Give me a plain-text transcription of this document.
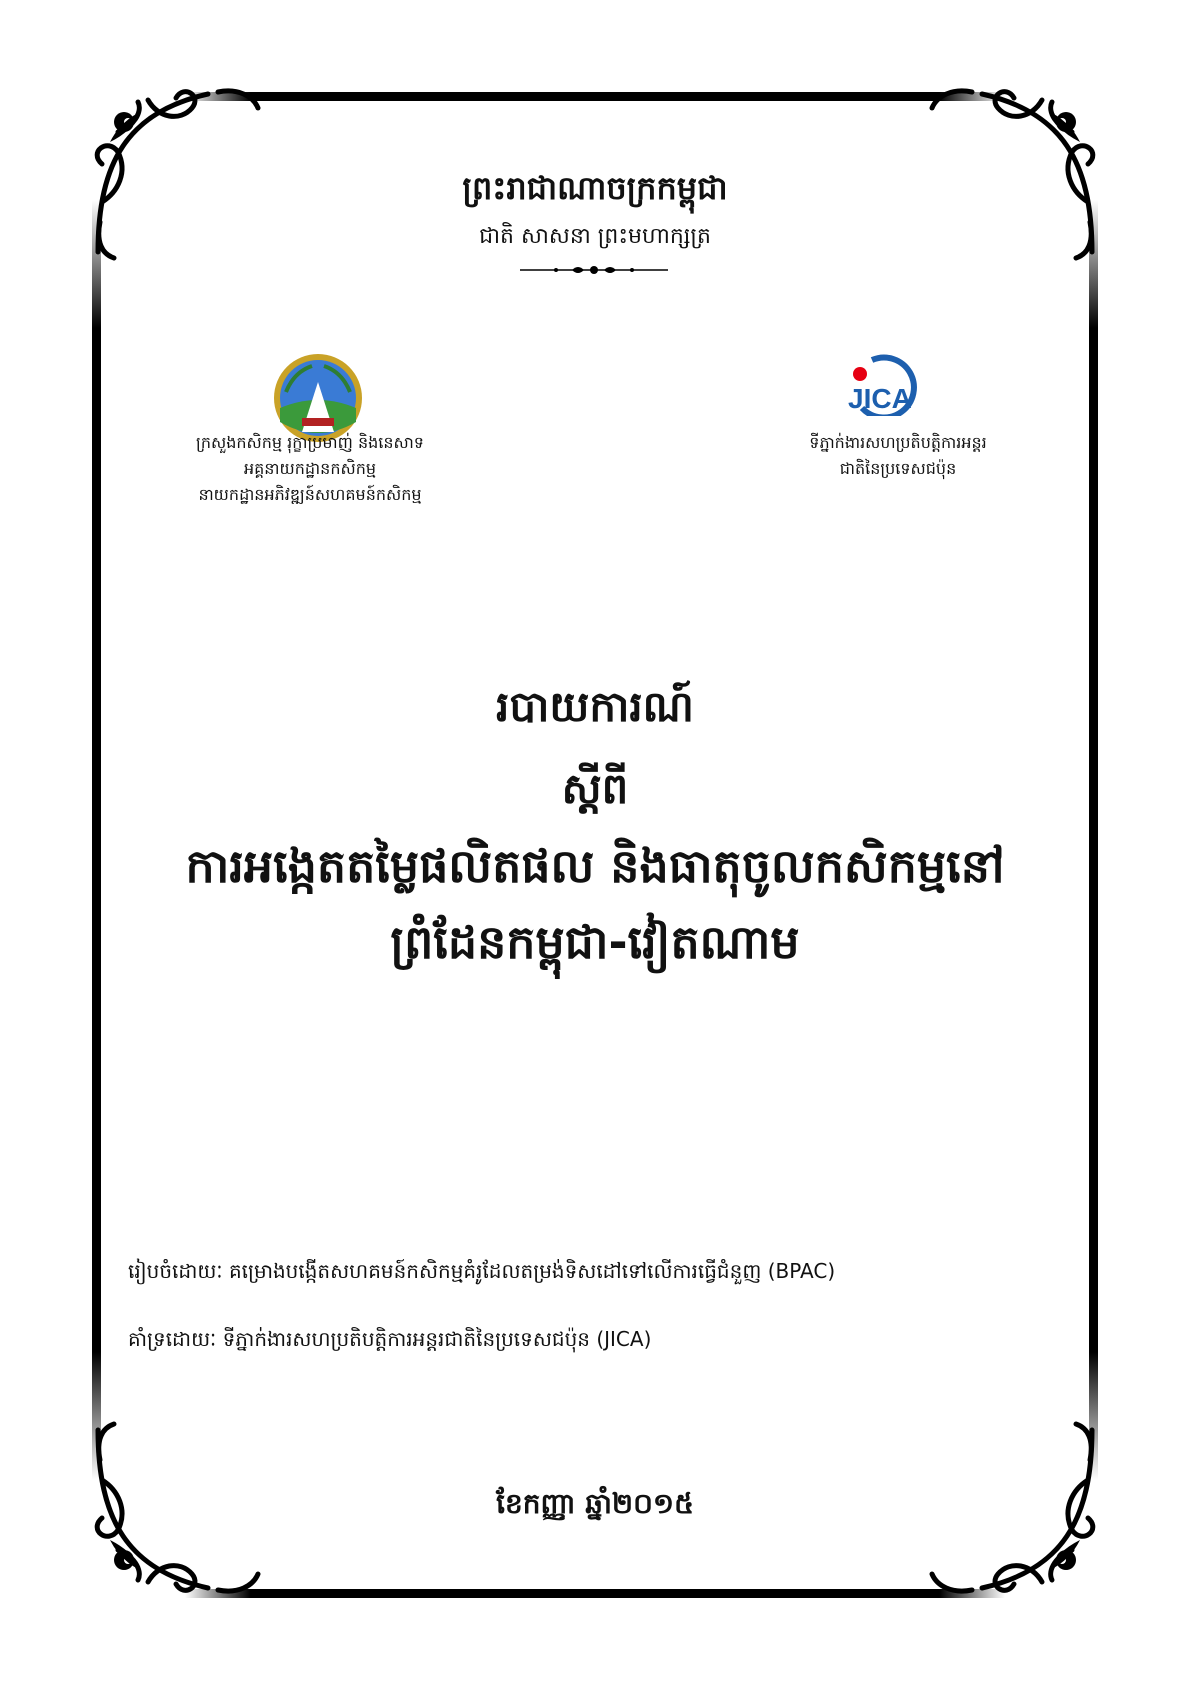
ព្រះរាជាណាចក្រកម្ពុជា
ជាតិ សាសនា ព្រះមហាក្សត្រ
JICA
ក្រសួងកសិកម្ម រុក្ខាប្រមាញ់ និងនេសាទ
អគ្គនាយកដ្ឋានកសិកម្ម
នាយកដ្ឋានអភិវឌ្ឍន៍សហគមន៍កសិកម្ម
ទីភ្នាក់ងារសហប្រតិបត្តិការអន្តរ
ជាតិនៃប្រទេសជប៉ុន
របាយការណ៍
ស្តីពី
ការអង្កេតតម្លៃផលិតផល និងធាតុចូលកសិកម្មនៅ
ព្រំដែនកម្ពុជា-វៀតណាម
រៀបចំដោយៈ គម្រោងបង្កើតសហគមន៍កសិកម្មគំរូដែលតម្រង់ទិសដៅទៅលើការធ្វើជំនួញ (BPAC)
គាំទ្រដោយៈ ទីភ្នាក់ងារសហប្រតិបត្តិការអន្តរជាតិនៃប្រទេសជប៉ុន (JICA)
ខែកញ្ញា ឆ្នាំ២០១៥
